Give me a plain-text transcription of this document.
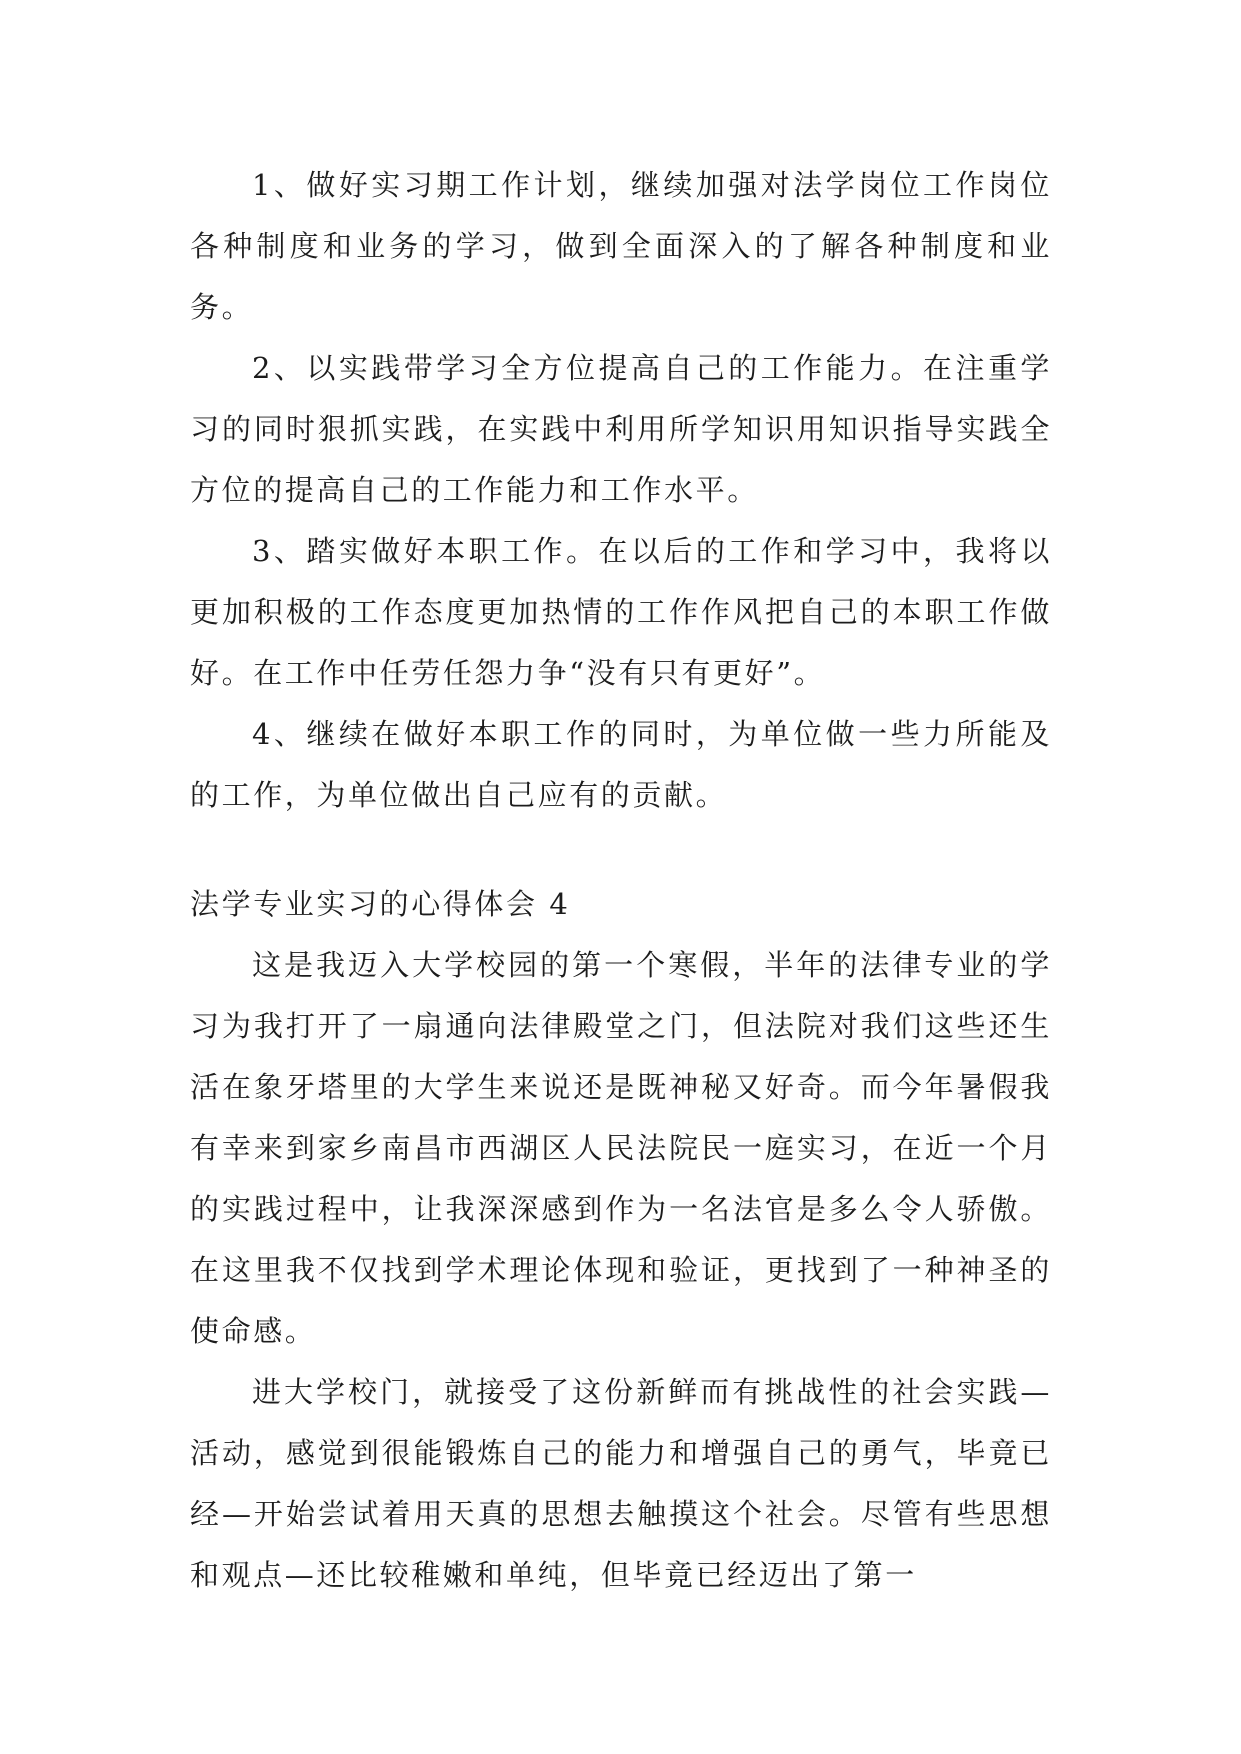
1、做好实习期工作计划，继续加强对法学岗位工作岗位各种制度和业务的学习，做到全面深入的了解各种制度和业务。

2、以实践带学习全方位提高自己的工作能力。在注重学习的同时狠抓实践，在实践中利用所学知识用知识指导实践全方位的提高自己的工作能力和工作水平。

3、踏实做好本职工作。在以后的工作和学习中，我将以更加积极的工作态度更加热情的工作作风把自己的本职工作做好。在工作中任劳任怨力争“没有只有更好”。

4、继续在做好本职工作的同时，为单位做一些力所能及的工作，为单位做出自己应有的贡献。

法学专业实习的心得体会 4

这是我迈入大学校园的第一个寒假，半年的法律专业的学习为我打开了一扇通向法律殿堂之门，但法院对我们这些还生活在象牙塔里的大学生来说还是既神秘又好奇。而今年暑假我有幸来到家乡南昌市西湖区人民法院民一庭实习，在近一个月的实践过程中，让我深深感到作为一名法官是多么令人骄傲。在这里我不仅找到学术理论体现和验证，更找到了一种神圣的使命感。

进大学校门，就接受了这份新鲜而有挑战性的社会实践—活动，感觉到很能锻炼自己的能力和增强自己的勇气，毕竟已经—开始尝试着用天真的思想去触摸这个社会。尽管有些思想和观点—还比较稚嫩和单纯，但毕竟已经迈出了第一
